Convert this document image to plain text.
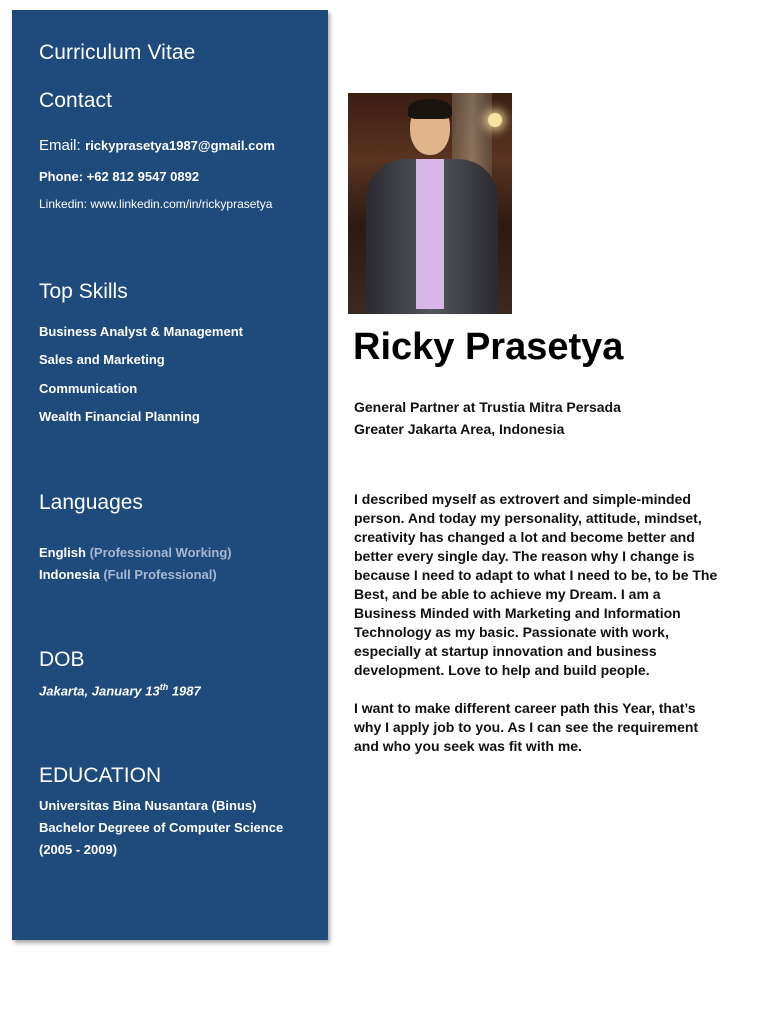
Curriculum Vitae
Contact
Email: rickyprasetya1987@gmail.com
Phone: +62 812 9547 0892
Linkedin: www.linkedin.com/in/rickyprasetya
Top Skills
Business Analyst & Management
Sales and Marketing
Communication
Wealth Financial Planning
Languages
English (Professional Working)
Indonesia (Full Professional)
DOB
Jakarta, January 13th 1987
EDUCATION
Universitas Bina Nusantara (Binus)
Bachelor Degreee of Computer Science
(2005 - 2009)
Ricky Prasetya
General Partner at Trustia Mitra Persada
Greater Jakarta Area, Indonesia
I described myself as extrovert and simple-minded person. And today my personality, attitude, mindset, creativity has changed a lot and become better and better every single day. The reason why I change is because I need to adapt to what I need to be, to be The Best, and be able to achieve my Dream. I am a Business Minded with Marketing and Information Technology as my basic. Passionate with work, especially at startup innovation and business development. Love to help and build people.
I want to make different career path this Year, that’s why I apply job to you. As I can see the requirement and who you seek was fit with me.
